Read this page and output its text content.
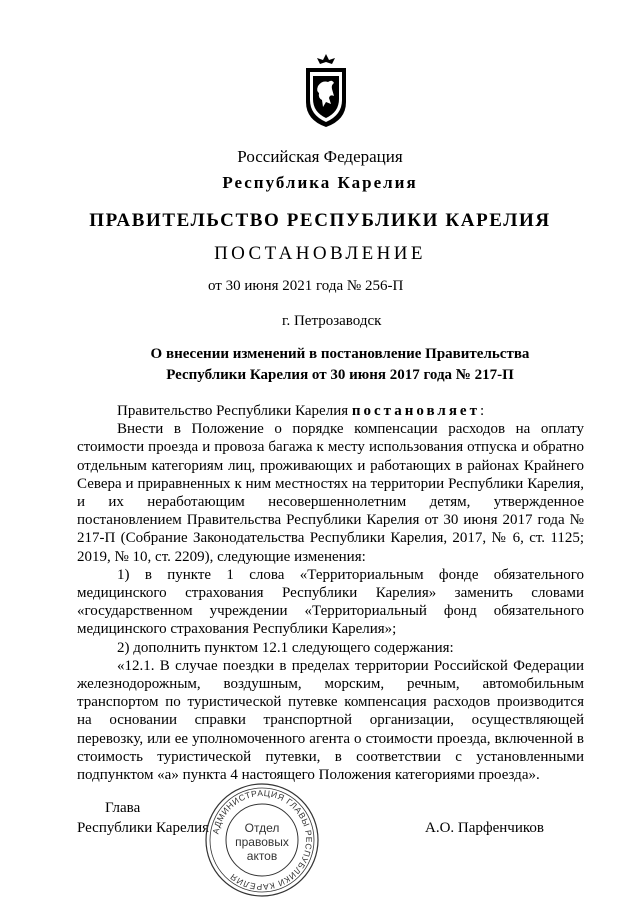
Российская Федерация
Республика Карелия
ПРАВИТЕЛЬСТВО РЕСПУБЛИКИ КАРЕЛИЯ
ПОСТАНОВЛЕНИЕ
от 30 июня 2021 года № 256-П
г. Петрозаводск
О внесении изменений в постановление Правительства
Республики Карелия от 30 июня 2017 года № 217-П

Правительство Республики Карелия постановляет:

Внести в Положение о порядке компенсации расходов на оплату стоимости проезда и провоза багажа к месту использования отпуска и обратно отдельным категориям лиц, проживающих и работающих в районах Крайнего Севера и приравненных к ним местностях на территории Республики Карелия, и их неработающим несовершеннолетним детям, утвержденное постановлением Правительства Республики Карелия от 30 июня 2017 года № 217-П (Собрание Законодательства Республики Карелия, 2017, № 6, ст. 1125; 2019, № 10, ст. 2209), следующие изменения:

1) в пункте 1 слова «Территориальным фонде обязательного медицинского страхования Республики Карелия» заменить словами «государственном учреждении «Территориальный фонд обязательного медицинского страхования Республики Карелия»;

2) дополнить пунктом 12.1 следующего содержания:

«12.1. В случае поездки в пределах территории Российской Федерации железнодорожным, воздушным, морским, речным, автомобильным транспортом по туристической путевке компенсация расходов производится на основании справки транспортной организации, осуществляющей перевозку, или ее уполномоченного агента о стоимости проезда, включенной в стоимость туристической путевки, в соответствии с установленными подпунктом «а» пункта 4 настоящего Положения категориями проезда».

Глава
Республики Карелия	А.О. Парфенчиков
АДМИНИСТРАЦИЯ ГЛАВЫ РЕСПУБЛИКИ КАРЕЛИЯ
Отдел
правовых
актов
